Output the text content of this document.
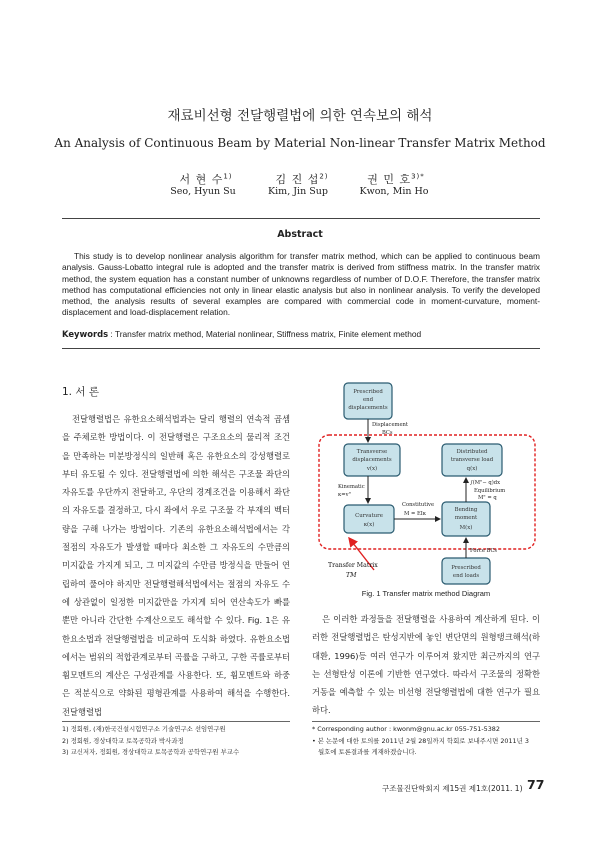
재료비선형 전달행렬법에 의한 연속보의 해석
An Analysis of Continuous Beam by Material Non-linear Transfer Matrix Method
서 현 수$^{1)}$	김 진 섭$^{2)}$	권 민 호$^{3)*}$
Seo, Hyun Su	Kim, Jin Sup	Kwon, Min Ho
Abstract
This study is to develop nonlinear analysis algorithm for transfer matrix method, which can be applied to continuous beam analysis. Gauss-Lobatto integral rule is adopted and the transfer matrix is derived from stiffness matrix. In the transfer matrix method, the system equation has a constant number of unknowns regardless of number of D.O.F. Therefore, the transfer matrix method has computational efficiencies not only in linear elastic analysis but also in nonlinear analysis. To verify the developed method, the analysis results of several examples are compared with commercial code in moment-curvature, moment-displacement and load-displacement relation.
Keywords : Transfer matrix method, Material nonlinear, Stiffness matrix, Finite element method
1. 서 론
전달행렬법은 유한요소해석법과는 달리 행렬의 연속적 곱셈을 주체로한 방법이다. 이 전달행렬은 구조요소의 물리적 조건을 만족하는 미분방정식의 일반해 혹은 유한요소의 강성행렬로부터 유도될 수 있다. 전달행렬법에 의한 해석은 구조물 좌단의 자유도를 우단까지 전달하고, 우단의 경계조건을 이용해서 좌단의 자유도를 결정하고, 다시 좌에서 우로 구조물 각 부재의 벡터량을 구해 나가는 방법이다. 기존의 유한요소해석법에서는 각 절점의 자유도가 발생할 때마다 최소한 그 자유도의 수만큼의 미지값을 가지게 되고, 그 미지값의 수만큼 방정식을 만들어 연립하여 풀어야 하지만 전달행렬해석법에서는 절점의 자유도 수에 상관없이 일정한 미지값만을 가지게 되어 연산속도가 빠를 뿐만 아니라 간단한 수계산으로도 해석할 수 있다. Fig. 1은 유한요소법과 전달행렬법을 비교하여 도식화 하였다. 유한요소법에서는 범위의 적합관계로부터 곡률을 구하고, 구한 곡률로부터 휨모멘트의 계산은 구성관계를 사용한다. 또, 휨모멘트와 하중은 적분식으로 약화된 평형관계를 사용하여 해석을 수행한다. 전달행렬법
Prescribed
end
displacements
Transverse
displacements
v(x)
Distributed
transverse load
q(x)
Curvature
κ(x)
Bending
moment
M(x)
Prescribed
end loads
Displacement
BCs
Kinematic
κ=v"
Constitutive
M = EIκ
∫(M"− q)dx
Equilibrium
M" = q
Force BCs
Transfer Matrix
TM
Fig. 1 Transfer matrix method Diagram
은 이러한 과정들을 전달행렬을 사용하여 계산하게 된다. 이러한 전달행렬법은 탄성지반에 놓인 변단면의 원형탱크해석(하대환, 1996)등 여러 연구가 이루어져 왔지만 최근까지의 연구는 선형탄성 이론에 기반한 연구였다. 따라서 구조물의 정확한 거동을 예측할 수 있는 비선형 전달행렬법에 대한 연구가 필요하다.
1) 정회원, (재)한국건설시험연구소 기술연구소 선임연구원
2) 정회원, 경상대학교 토목공학과 박사과정
3) 교신저자, 정회원, 경상대학교 토목공학과 공학연구원 부교수
* Corresponding author : kwonm@gnu.ac.kr 055-751-5382
• 본 논문에 대한 토의를 2011년 2월 28일까지 학회로 보내주시면 2011년 3
월호에 토론결과를 게재하겠습니다.
구조물진단학회지 제15권 제1호(2011. 1) 77
